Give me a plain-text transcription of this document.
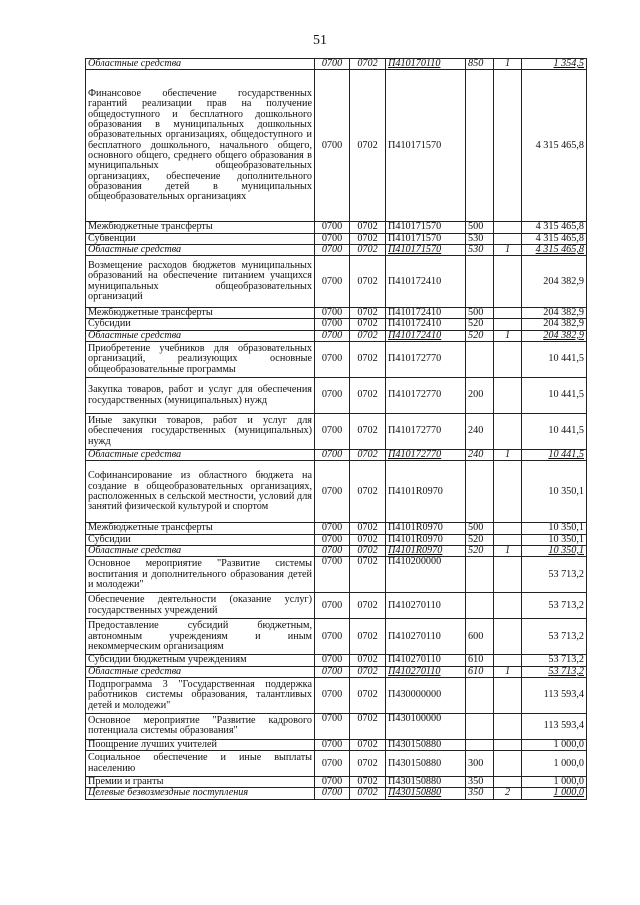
51
Областные средства	0700	0702	П410170110	850	1	1 354,5
Финансовое обеспечение государственных гарантий реализации прав на получение общедоступного и бесплатного дошкольного образования в муниципальных дошкольных образовательных организациях, общедоступного и бесплатного дошкольного, начального общего, основного общего, среднего общего образования в муниципальных общеобразовательных организациях, обеспечение дополнительного образования детей в муниципальных общеобразовательных организациях	0700	0702	П410171570			4 315 465,8
Межбюджетные трансферты	0700	0702	П410171570	500		4 315 465,8
Субвенции	0700	0702	П410171570	530		4 315 465,8
Областные средства	0700	0702	П410171570	530	1	4 315 465,8
Возмещение расходов бюджетов муниципальных образований на обеспечение питанием учащихся муниципальных общеобразовательных организаций	0700	0702	П410172410			204 382,9
Межбюджетные трансферты	0700	0702	П410172410	500		204 382,9
Субсидии	0700	0702	П410172410	520		204 382,9
Областные средства	0700	0702	П410172410	520	1	204 382,9
Приобретение учебников для образовательных организаций, реализующих основные общеобразовательные программы	0700	0702	П410172770			10 441,5
Закупка товаров, работ и услуг для обеспечения государственных (муниципальных) нужд	0700	0702	П410172770	200		10 441,5
Иные закупки товаров, работ и услуг для обеспечения государственных (муниципальных) нужд	0700	0702	П410172770	240		10 441,5
Областные средства	0700	0702	П410172770	240	1	10 441,5
Софинансирование из областного бюджета на создание в общеобразовательных организациях, расположенных в сельской местности, условий для занятий физической культурой и спортом	0700	0702	П4101R0970			10 350,1
Межбюджетные трансферты	0700	0702	П4101R0970	500		10 350,1
Субсидии	0700	0702	П4101R0970	520		10 350,1
Областные средства	0700	0702	П4101R0970	520	1	10 350,1
Основное мероприятие "Развитие системы воспитания и дополнительного образования детей и молодежи"	0700	0702	П410200000			53 713,2
Обеспечение деятельности (оказание услуг) государственных учреждений	0700	0702	П410270110			53 713,2
Предоставление субсидий бюджетным, автономным учреждениям и иным некоммерческим организациям	0700	0702	П410270110	600		53 713,2
Субсидии бюджетным учреждениям	0700	0702	П410270110	610		53 713,2
Областные средства	0700	0702	П410270110	610	1	53 713,2
Подпрограмма 3 "Государственная поддержка работников системы образования, талантливых детей и молодежи"	0700	0702	П430000000			113 593,4
Основное мероприятие "Развитие кадрового потенциала системы образования"	0700	0702	П430100000			113 593,4
Поощрение лучших учителей	0700	0702	П430150880			1 000,0
Социальное обеспечение и иные выплаты населению	0700	0702	П430150880	300		1 000,0
Премии и гранты	0700	0702	П430150880	350		1 000,0
Целевые безвозмездные поступления	0700	0702	П430150880	350	2	1 000,0
